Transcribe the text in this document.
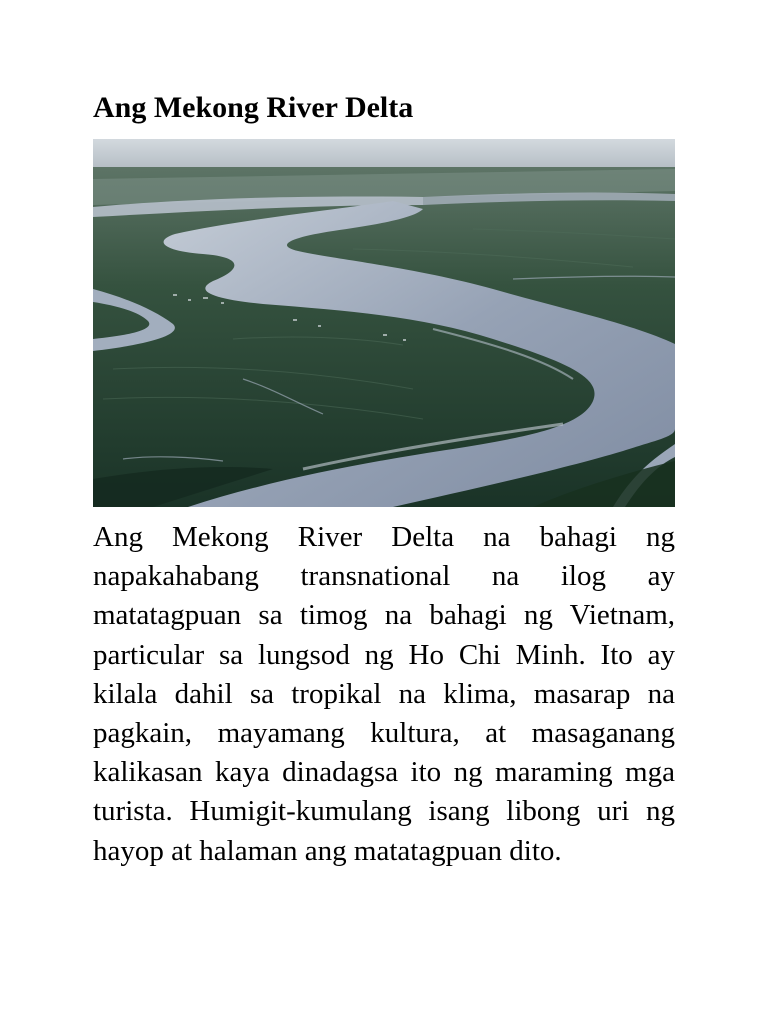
Ang Mekong River Delta

Ang Mekong River Delta na bahagi ng napakahabang transnational na ilog ay matatagpuan sa timog na bahagi ng Vietnam, particular sa lungsod ng Ho Chi Minh. Ito ay kilala dahil sa tropikal na klima, masarap na pagkain, mayamang kultura, at masaganang kalikasan kaya dinadagsa ito ng maraming mga turista. Humigit-kumulang isang libong uri ng hayop at halaman ang matatagpuan dito.
